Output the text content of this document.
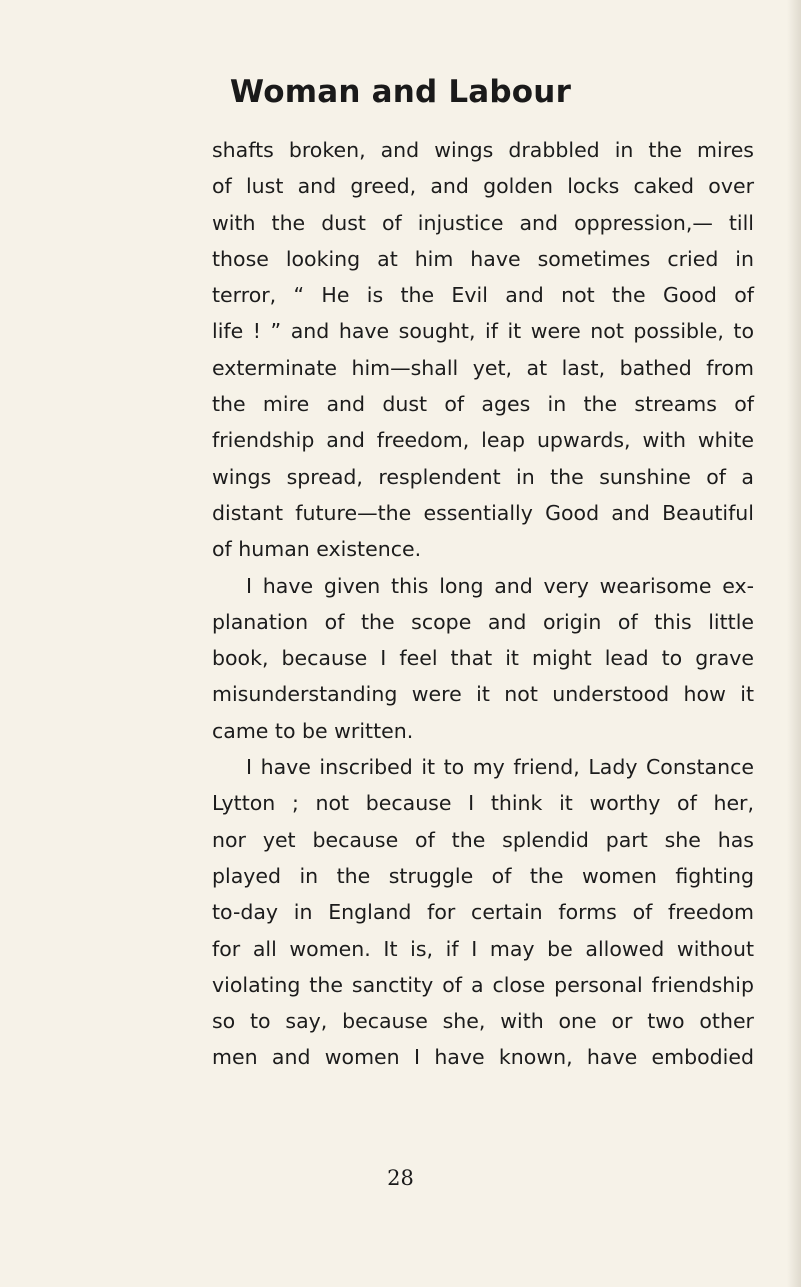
Woman and Labour
shafts broken, and wings drabbled in the mires
of lust and greed, and golden locks caked over
with the dust of injustice and oppression,— till
those looking at him have sometimes cried in
terror, “ He is the Evil and not the Good of
life ! ” and have sought, if it were not possible, to
exterminate him—shall yet, at last, bathed from
the mire and dust of ages in the streams of
friendship and freedom, leap upwards, with white
wings spread, resplendent in the sunshine of a
distant future—the essentially Good and Beautiful
of human existence.
I have given this long and very wearisome ex-
planation of the scope and origin of this little
book, because I feel that it might lead to grave
misunderstanding were it not understood how it
came to be written.
I have inscribed it to my friend, Lady Constance
Lytton ; not because I think it worthy of her,
nor yet because of the splendid part she has
played in the struggle of the women fighting
to-day in England for certain forms of freedom
for all women. It is, if I may be allowed without
violating the sanctity of a close personal friendship
so to say, because she, with one or two other
men and women I have known, have embodied
28
